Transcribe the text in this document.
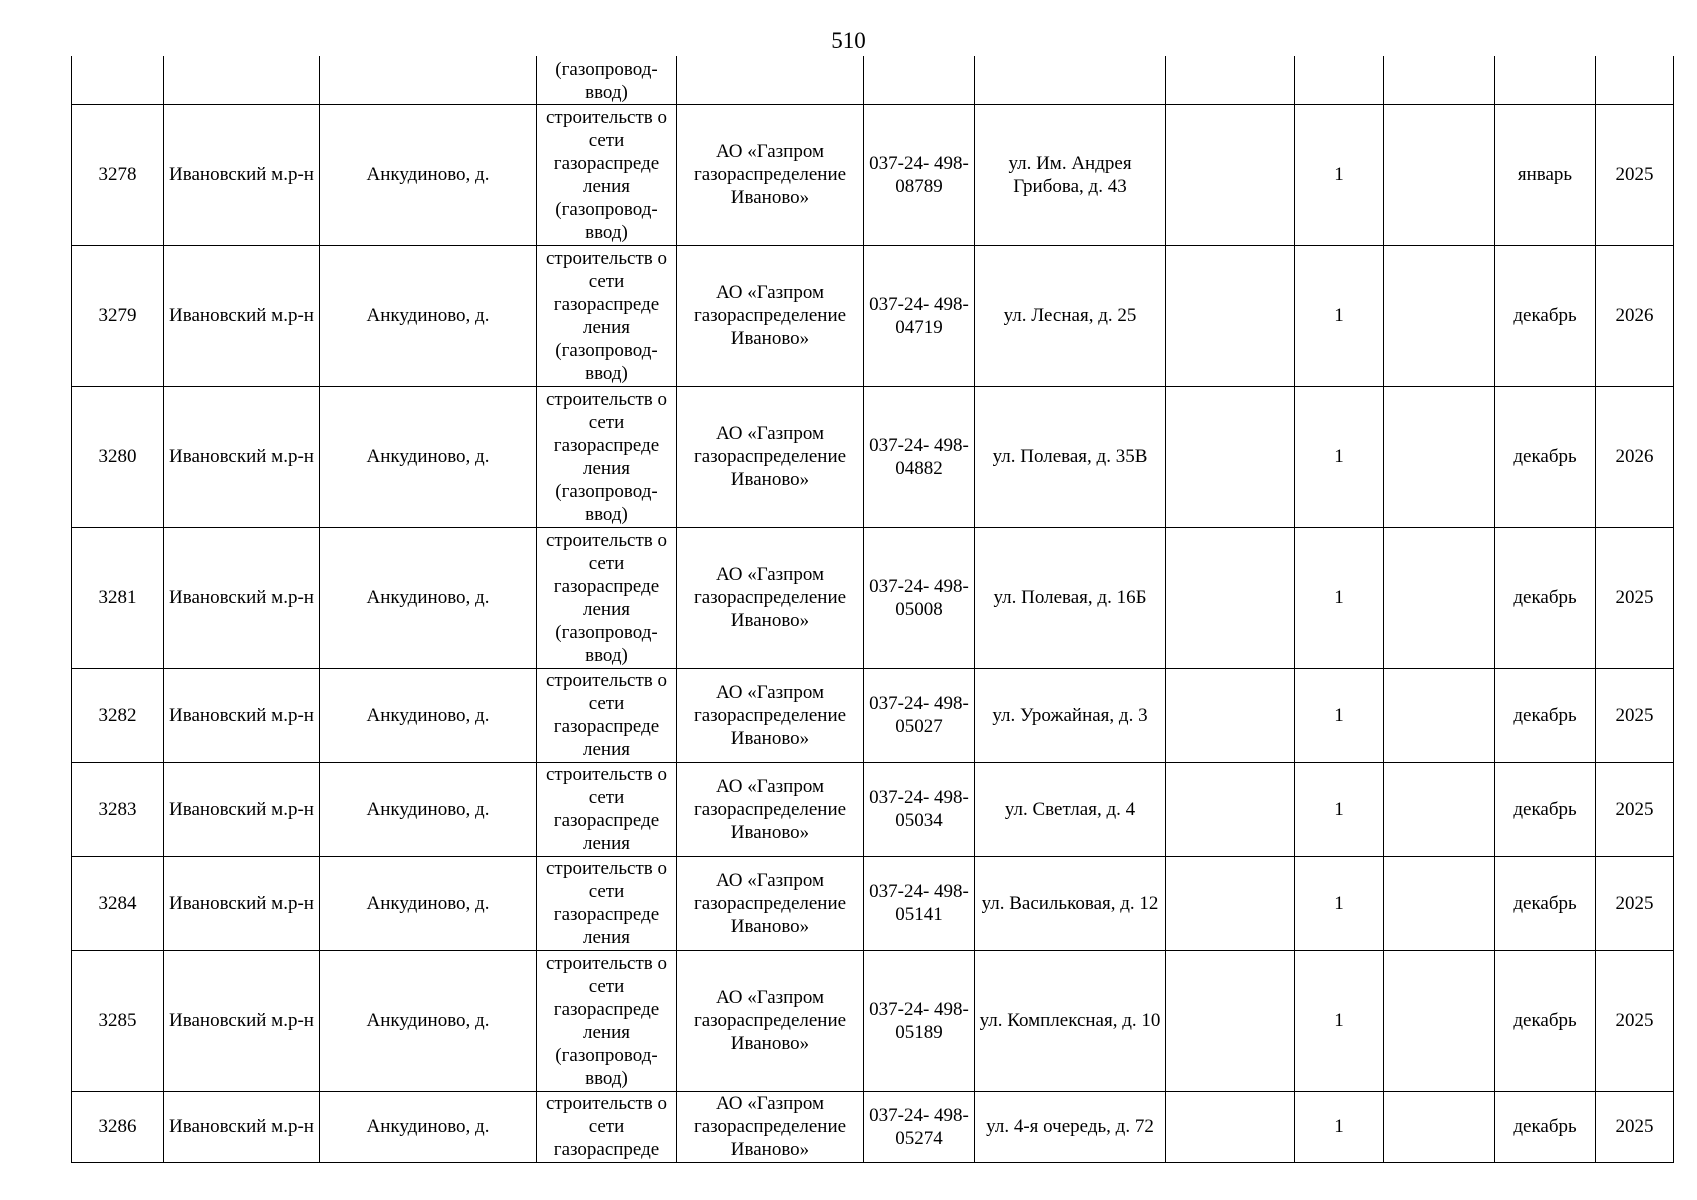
510
			(газопровод-
ввод)								
3278	Ивановский м.р-н	Анкудиново, д.	строительств о сети газораспреде ления (газопровод- ввод)	АО «Газпром газораспределение Иваново»	037-24- 498-08789	ул. Им. Андрея Грибова, д. 43		1		январь	2025
3279	Ивановский м.р-н	Анкудиново, д.	строительств о сети газораспреде ления (газопровод- ввод)	АО «Газпром газораспределение Иваново»	037-24- 498-04719	ул. Лесная, д. 25		1		декабрь	2026
3280	Ивановский м.р-н	Анкудиново, д.	строительств о сети газораспреде ления (газопровод- ввод)	АО «Газпром газораспределение Иваново»	037-24- 498-04882	ул. Полевая, д. 35В		1		декабрь	2026
3281	Ивановский м.р-н	Анкудиново, д.	строительств о сети газораспреде ления (газопровод- ввод)	АО «Газпром газораспределение Иваново»	037-24- 498-05008	ул. Полевая, д. 16Б		1		декабрь	2025
3282	Ивановский м.р-н	Анкудиново, д.	строительств о сети газораспреде ления	АО «Газпром газораспределение Иваново»	037-24- 498-05027	ул. Урожайная, д. 3		1		декабрь	2025
3283	Ивановский м.р-н	Анкудиново, д.	строительств о сети газораспреде ления	АО «Газпром газораспределение Иваново»	037-24- 498-05034	ул. Светлая, д. 4		1		декабрь	2025
3284	Ивановский м.р-н	Анкудиново, д.	строительств о сети газораспреде ления	АО «Газпром газораспределение Иваново»	037-24- 498-05141	ул. Васильковая, д. 12		1		декабрь	2025
3285	Ивановский м.р-н	Анкудиново, д.	строительств о сети газораспреде ления (газопровод- ввод)	АО «Газпром газораспределение Иваново»	037-24- 498-05189	ул. Комплексная, д. 10		1		декабрь	2025
3286	Ивановский м.р-н	Анкудиново, д.	строительств о сети газораспреде	АО «Газпром газораспределение Иваново»	037-24- 498-05274	ул. 4-я очередь, д. 72		1		декабрь	2025
